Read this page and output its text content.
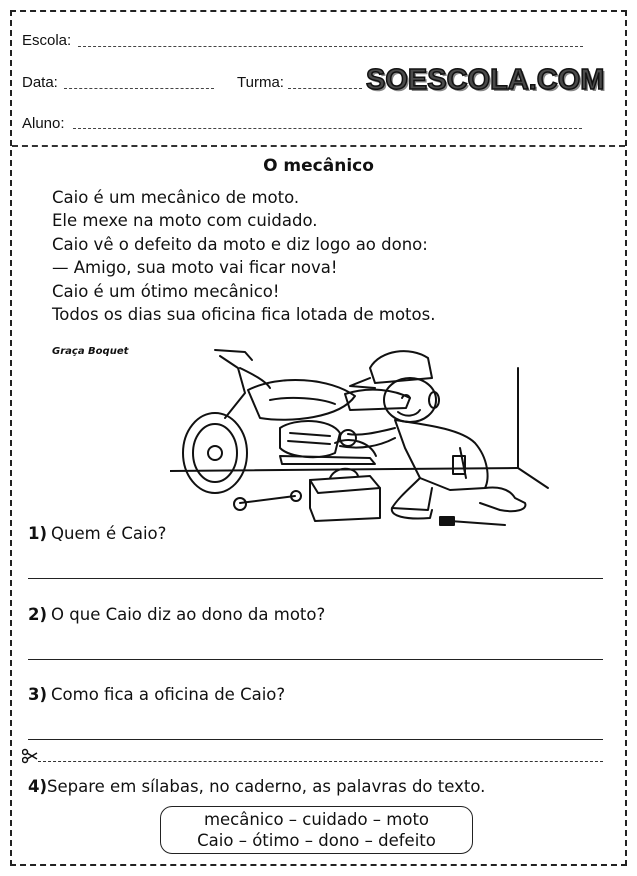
Escola:
Data:	Turma:	SOESCOLA.COM
Aluno:
O mecânico
Caio é um mecânico de moto.
Ele mexe na moto com cuidado.
Caio vê o defeito da moto e diz logo ao dono:
— Amigo, sua moto vai ficar nova!
Caio é um ótimo mecânico!
Todos os dias sua oficina fica lotada de motos.
Graça Boquet
1) Quem é Caio?
2) O que Caio diz ao dono da moto?
3) Como fica a oficina de Caio?
4)Separe em sílabas, no caderno, as palavras do texto.
mecânico – cuidado – moto
Caio – ótimo – dono – defeito
